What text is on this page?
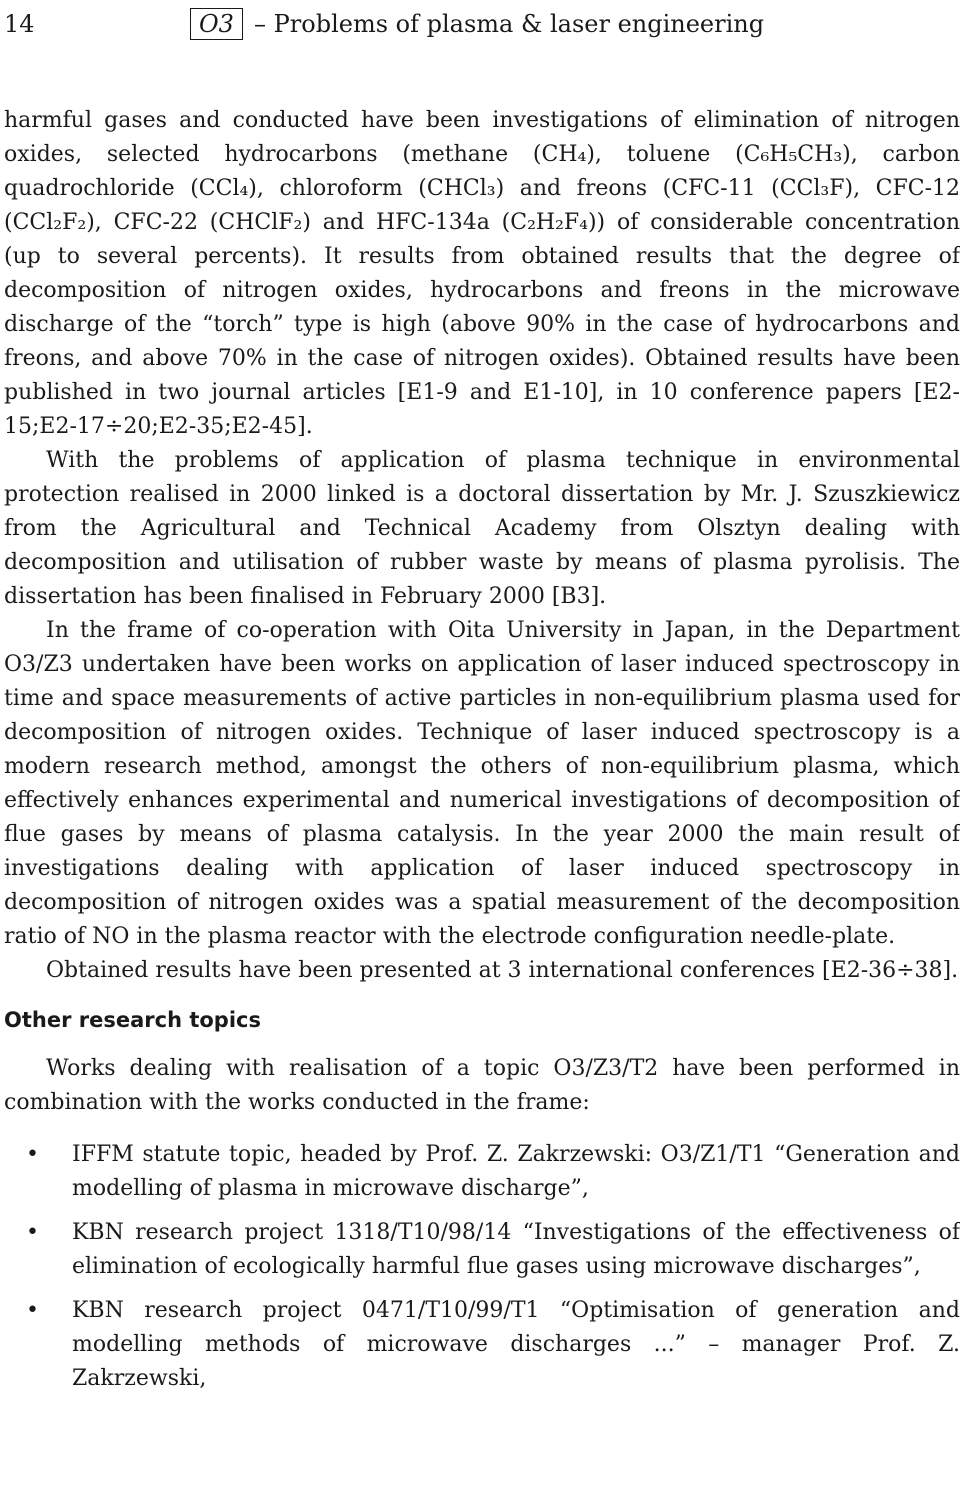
14	O3 – Problems of plasma & laser engineering

harmful gases and conducted have been investigations of elimination of nitrogen oxides, selected hydrocarbons (methane (CH₄), toluene (C₆H₅CH₃), carbon quadrochloride (CCl₄), chloroform (CHCl₃) and freons (CFC-11 (CCl₃F), CFC-12 (CCl₂F₂), CFC-22 (CHClF₂) and HFC-134a (C₂H₂F₄)) of considerable concentration (up to several percents). It results from obtained results that the degree of decomposition of nitrogen oxides, hydrocarbons and freons in the microwave discharge of the “torch” type is high (above 90% in the case of hydrocarbons and freons, and above 70% in the case of nitrogen oxides). Obtained results have been published in two journal articles [E1-9 and E1-10], in 10 conference papers [E2-15;E2-17÷20;E2-35;E2-45].

With the problems of application of plasma technique in environmental protection realised in 2000 linked is a doctoral dissertation by Mr. J. Szuszkiewicz from the Agricultural and Technical Academy from Olsztyn dealing with decomposition and utilisation of rubber waste by means of plasma pyrolisis. The dissertation has been finalised in February 2000 [B3].

In the frame of co-operation with Oita University in Japan, in the Department O3/Z3 undertaken have been works on application of laser induced spectroscopy in time and space measurements of active particles in non-equilibrium plasma used for decomposition of nitrogen oxides. Technique of laser induced spectroscopy is a modern research method, amongst the others of non-equilibrium plasma, which effectively enhances experimental and numerical investigations of decomposition of flue gases by means of plasma catalysis. In the year 2000 the main result of investigations dealing with application of laser induced spectroscopy in decomposition of nitrogen oxides was a spatial measurement of the decomposition ratio of NO in the plasma reactor with the electrode configuration needle-plate.

Obtained results have been presented at 3 international conferences [E2-36÷38].

Other research topics

Works dealing with realisation of a topic O3/Z3/T2 have been performed in combination with the works conducted in the frame:

• IFFM statute topic, headed by Prof. Z. Zakrzewski: O3/Z1/T1 “Generation and modelling of plasma in microwave discharge”,
• KBN research project 1318/T10/98/14 “Investigations of the effectiveness of elimination of ecologically harmful flue gases using microwave discharges”,
• KBN research project 0471/T10/99/T1 “Optimisation of generation and modelling methods of microwave discharges ...” – manager Prof. Z. Zakrzewski,
